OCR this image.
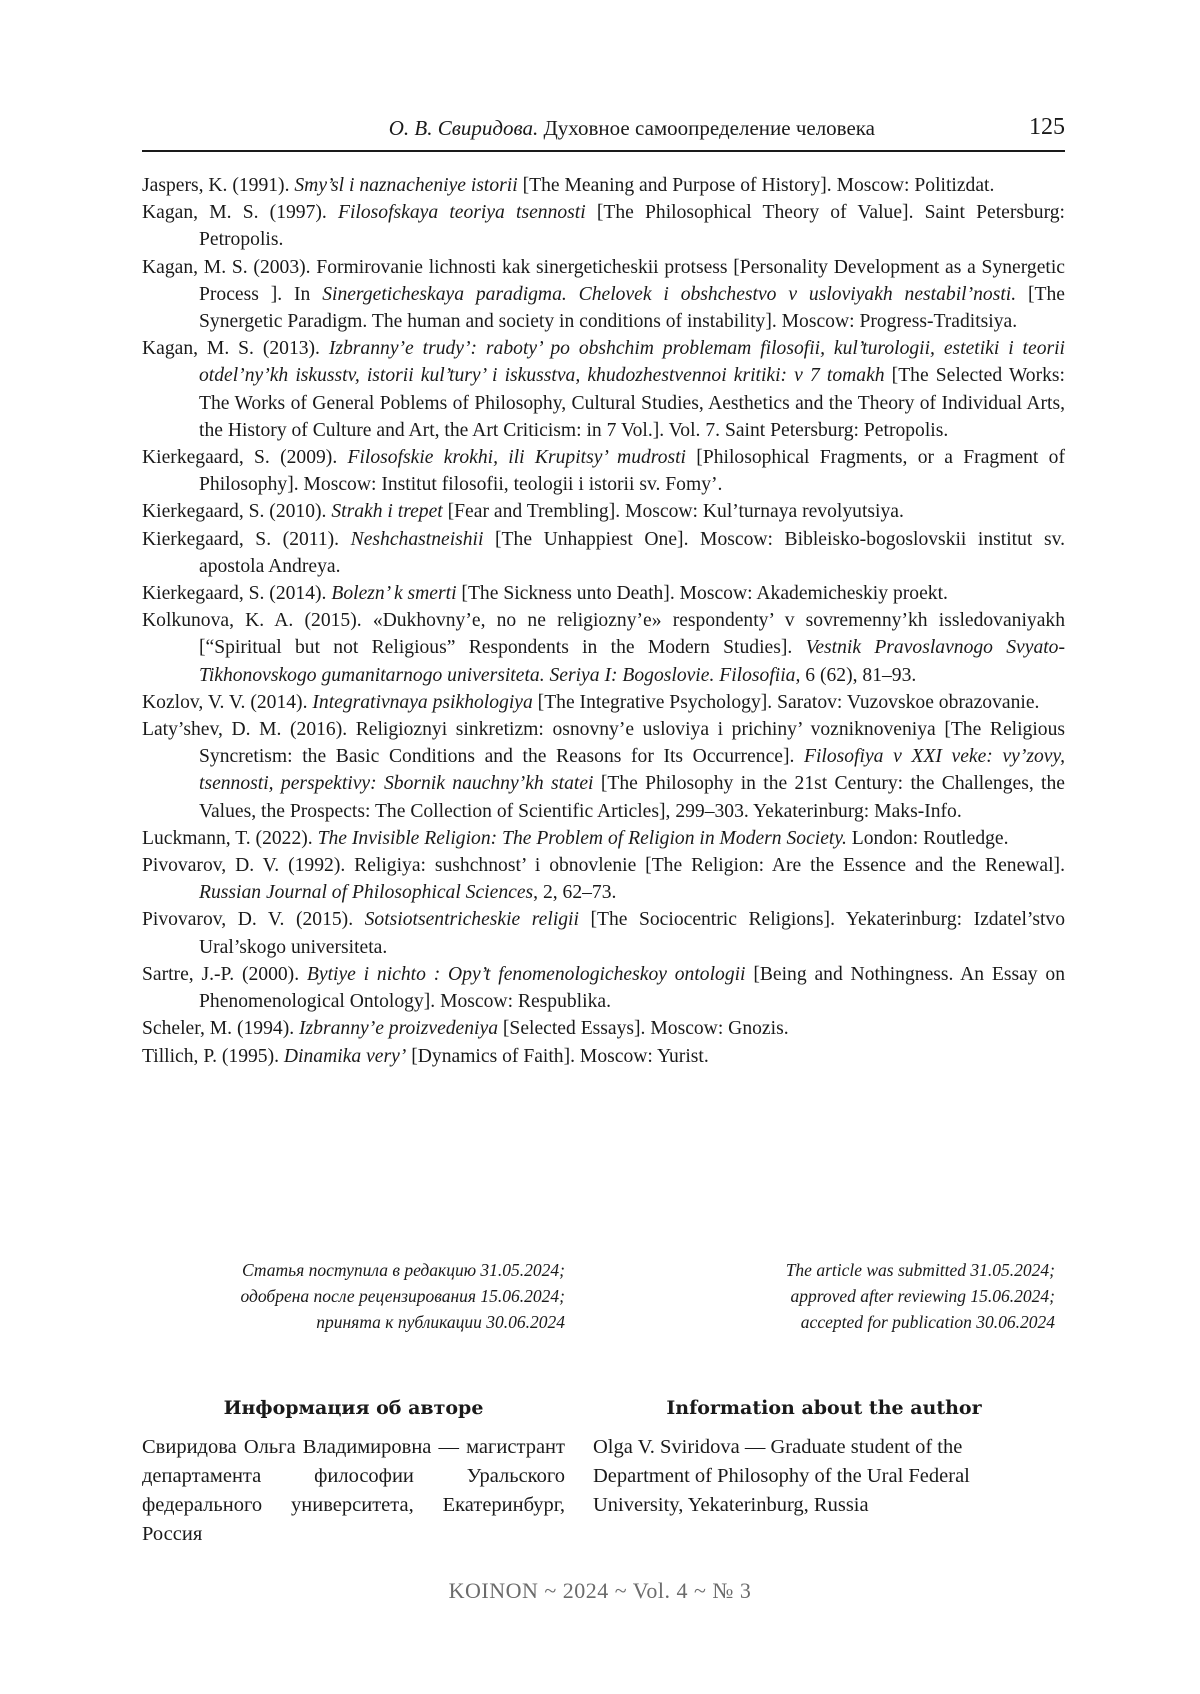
О. В. Свиридова. Духовное самоопределение человека	125

Jaspers, K. (1991). Smy’sl i naznacheniye istorii [The Meaning and Purpose of History]. Moscow: Politizdat.

Kagan, M. S. (1997). Filosofskaya teoriya tsennosti [The Philosophical Theory of Value]. Saint Petersburg: Petropolis.

Kagan, M. S. (2003). Formirovanie lichnosti kak sinergeticheskii protsess [Personality Development as a Synergetic Process ]. In Sinergeticheskaya paradigma. Chelovek i obshchestvo v usloviyakh nestabil’nosti. [The Synergetic Paradigm. The human and society in conditions of instability]. Moscow: Progress-Traditsiya.

Kagan, M. S. (2013). Izbranny’e trudy’: raboty’ po obshchim problemam filosofii, kul’turologii, estetiki i teorii otdel’ny’kh iskusstv, istorii kul’tury’ i iskusstva, khudozhestvennoi kritiki: v 7 tomakh [The Selected Works: The Works of General Poblems of Philosophy, Cultural Studies, Aesthetics and the Theory of Individual Arts, the History of Culture and Art, the Art Criticism: in 7 Vol.]. Vol. 7. Saint Petersburg: Petropolis.

Kierkegaard, S. (2009). Filosofskie krokhi, ili Krupitsy’ mudrosti [Philosophical Fragments, or a Fragment of Philosophy]. Moscow: Institut filosofii, teologii i istorii sv. Fomy’.

Kierkegaard, S. (2010). Strakh i trepet [Fear and Trembling]. Moscow: Kul’turnaya revolyutsiya.

Kierkegaard, S. (2011). Neshchastneishii [The Unhappiest One]. Moscow: Bibleisko-bogoslovskii institut sv. apostola Andreya.

Kierkegaard, S. (2014). Bolezn’ k smerti [The Sickness unto Death]. Moscow: Akademicheskiy proekt.

Kolkunova, K. A. (2015). «Dukhovny’e, no ne religiozny’e» respondenty’ v sovremenny’kh issledovaniyakh [“Spiritual but not Religious” Respondents in the Modern Studies]. Vestnik Pravoslavnogo Svyato-Tikhonovskogo gumanitarnogo universiteta. Seriya I: Bogoslovie. Filosofiia, 6 (62), 81–93.

Kozlov, V. V. (2014). Integrativnaya psikhologiya [The Integrative Psychology]. Saratov: Vuzovskoe obrazovanie.

Laty’shev, D. M. (2016). Religioznyi sinkretizm: osnovny’e usloviya i prichiny’ vozniknoveniya [The Religious Syncretism: the Basic Conditions and the Reasons for Its Occurrence]. Filosofiya v XXI veke: vy’zovy, tsennosti, perspektivy: Sbornik nauchny’kh statei [The Philosophy in the 21st Century: the Challenges, the Values, the Prospects: The Collection of Scientific Articles], 299–303. Yekaterinburg: Maks-Info.

Luckmann, T. (2022). The Invisible Religion: The Problem of Religion in Modern Society. London: Routledge.

Pivovarov, D. V. (1992). Religiya: sushchnost’ i obnovlenie [The Religion: Are the Essence and the Renewal]. Russian Journal of Philosophical Sciences, 2, 62–73.

Pivovarov, D. V. (2015). Sotsiotsentricheskie religii [The Sociocentric Religions]. Yekaterinburg: Izdatel’stvo Ural’skogo universiteta.

Sartre, J.-P. (2000). Bytiye i nichto : Opy’t fenomenologicheskoy ontologii [Being and Nothingness. An Essay on Phenomenological Ontology]. Moscow: Respublika.

Scheler, M. (1994). Izbranny’e proizvedeniya [Selected Essays]. Moscow: Gnozis.

Tillich, P. (1995). Dinamika very’ [Dynamics of Faith]. Moscow: Yurist.

Статья поступила в редакцию 31.05.2024;
одобрена после рецензирования 15.06.2024;
принята к публикации 30.06.2024
The article was submitted 31.05.2024;
approved after reviewing 15.06.2024;
accepted for publication 30.06.2024
Информация об авторе

Свиридова Ольга Владимировна — магистрант департамента философии Уральского федерального университета, Екатеринбург, Россия

Information about the author

Olga V. Sviridova — Graduate student of the Department of Philosophy of the Ural Federal University, Yekaterinburg, Russia

KOINON ~ 2024 ~ Vol. 4 ~ № 3
